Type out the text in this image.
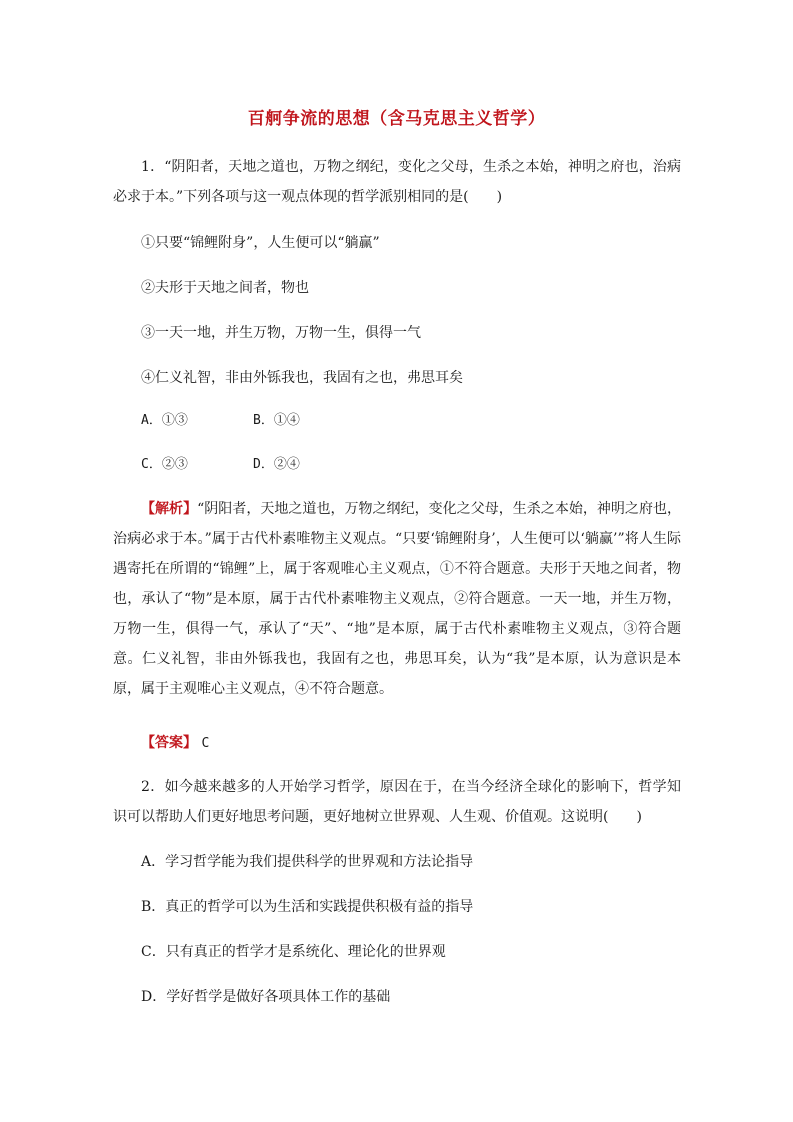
百舸争流的思想（含马克思主义哲学）

1．“阴阳者，天地之道也，万物之纲纪，变化之父母，生杀之本始，神明之府也，治病必求于本。”下列各项与这一观点体现的哲学派别相同的是(　　)

①只要“锦鲤附身”，人生便可以“躺赢”

②夫形于天地之间者，物也

③一天一地，并生万物，万物一生，俱得一气

④仁义礼智，非由外铄我也，我固有之也，弗思耳矣

A．①③	B．①④
C．②③	D．②④

【解析】“阴阳者，天地之道也，万物之纲纪，变化之父母，生杀之本始，神明之府也，治病必求于本。”属于古代朴素唯物主义观点。“只要‘锦鲤附身’，人生便可以‘躺赢’”将人生际遇寄托在所谓的“锦鲤”上，属于客观唯心主义观点，①不符合题意。夫形于天地之间者，物也，承认了“物”是本原，属于古代朴素唯物主义观点，②符合题意。一天一地，并生万物，万物一生，俱得一气，承认了“天”、“地”是本原，属于古代朴素唯物主义观点，③符合题意。仁义礼智，非由外铄我也，我固有之也，弗思耳矣，认为“我”是本原，认为意识是本原，属于主观唯心主义观点，④不符合题意。

【答案】 C

2．如今越来越多的人开始学习哲学，原因在于，在当今经济全球化的影响下，哲学知识可以帮助人们更好地思考问题，更好地树立世界观、人生观、价值观。这说明(　　)

A．学习哲学能为我们提供科学的世界观和方法论指导
B．真正的哲学可以为生活和实践提供积极有益的指导
C．只有真正的哲学才是系统化、理论化的世界观
D．学好哲学是做好各项具体工作的基础
